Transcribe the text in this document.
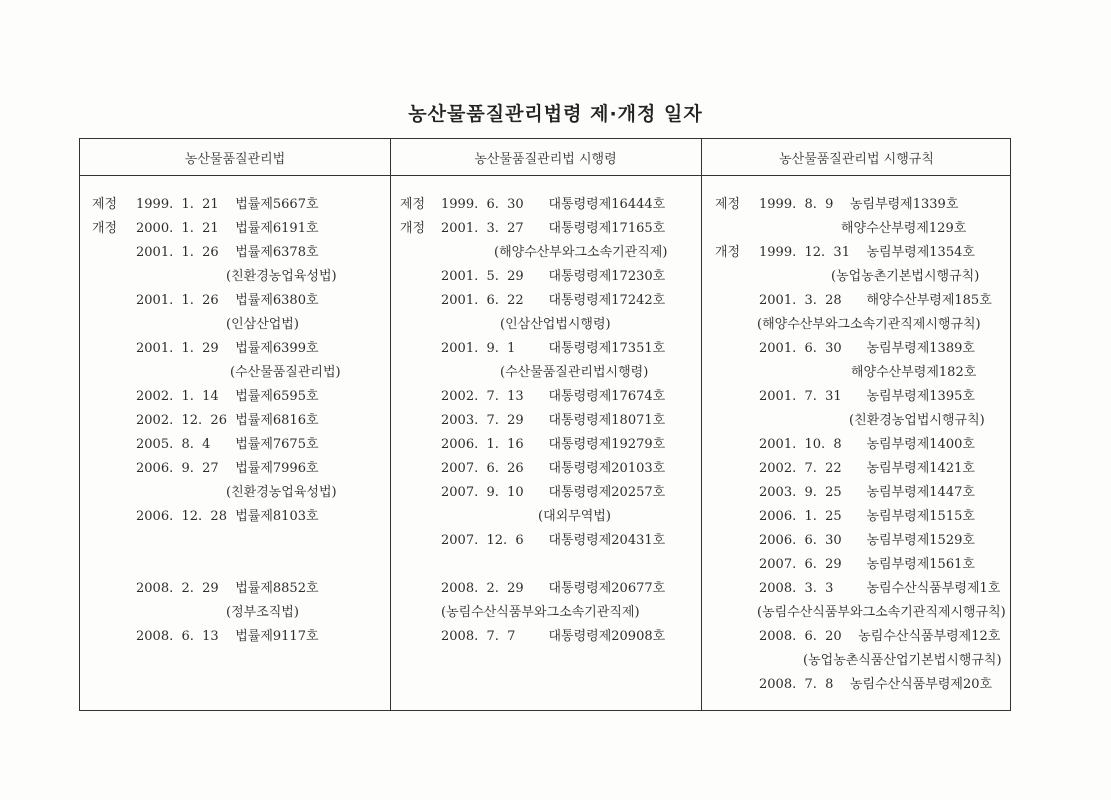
농산물품질관리법령 제·개정 일자
농산물품질관리법	농산물품질관리법 시행령	농산물품질관리법 시행규칙
제정 1999.  1.  21    법률제5667호
개정 2000.  1.  21    법률제6191호
2001.  1.  26    법률제6378호
(친환경농업육성법)
2001.  1.  26    법률제6380호
(인삼산업법)
2001.  1.  29    법률제6399호
(수산물품질관리법)
2002.  1.  14    법률제6595호
2002.  12.  26  법률제6816호
2005.  8.  4      법률제7675호
2006.  9.  27    법률제7996호
(친환경농업육성법)
2006.  12.  28  법률제8103호
2008.  2.  29    법률제8852호
(정부조직법)
2008.  6.  13    법률제9117호
제정 1999.  6.  30      대통령령제16444호
개정 2001.  3.  27      대통령령제17165호
(해양수산부와그소속기관직제)
2001.  5.  29      대통령령제17230호
2001.  6.  22      대통령령제17242호
(인삼산업법시행령)
2001.  9.  1        대통령령제17351호
(수산물품질관리법시행령)
2002.  7.  13      대통령령제17674호
2003.  7.  29      대통령령제18071호
2006.  1.  16      대통령령제19279호
2007.  6.  26      대통령령제20103호
2007.  9.  10      대통령령제20257호
(대외무역법)
2007.  12.  6      대통령령제20431호
2008.  2.  29      대통령령제20677호
(농림수산식품부와그소속기관직제)
2008.  7.  7        대통령령제20908호
제정 1999.  8.  9    농림부령제1339호
해양수산부령제129호
개정 1999.  12.  31    농림부령제1354호
(농업농촌기본법시행규칙)
2001.  3.  28      해양수산부령제185호
(해양수산부와그소속기관직제시행규칙)
2001.  6.  30      농림부령제1389호
해양수산부령제182호
2001.  7.  31      농림부령제1395호
(친환경농업법시행규칙)
2001.  10.  8      농림부령제1400호
2002.  7.  22      농림부령제1421호
2003.  9.  25      농림부령제1447호
2006.  1.  25      농림부령제1515호
2006.  6.  30      농림부령제1529호
2007.  6.  29      농림부령제1561호
2008.  3.  3        농림수산식품부령제1호
(농림수산식품부와그소속기관직제시행규칙)
2008.  6.  20    농림수산식품부령제12호
(농업농촌식품산업기본법시행규칙)
2008.  7.  8    농림수산식품부령제20호
